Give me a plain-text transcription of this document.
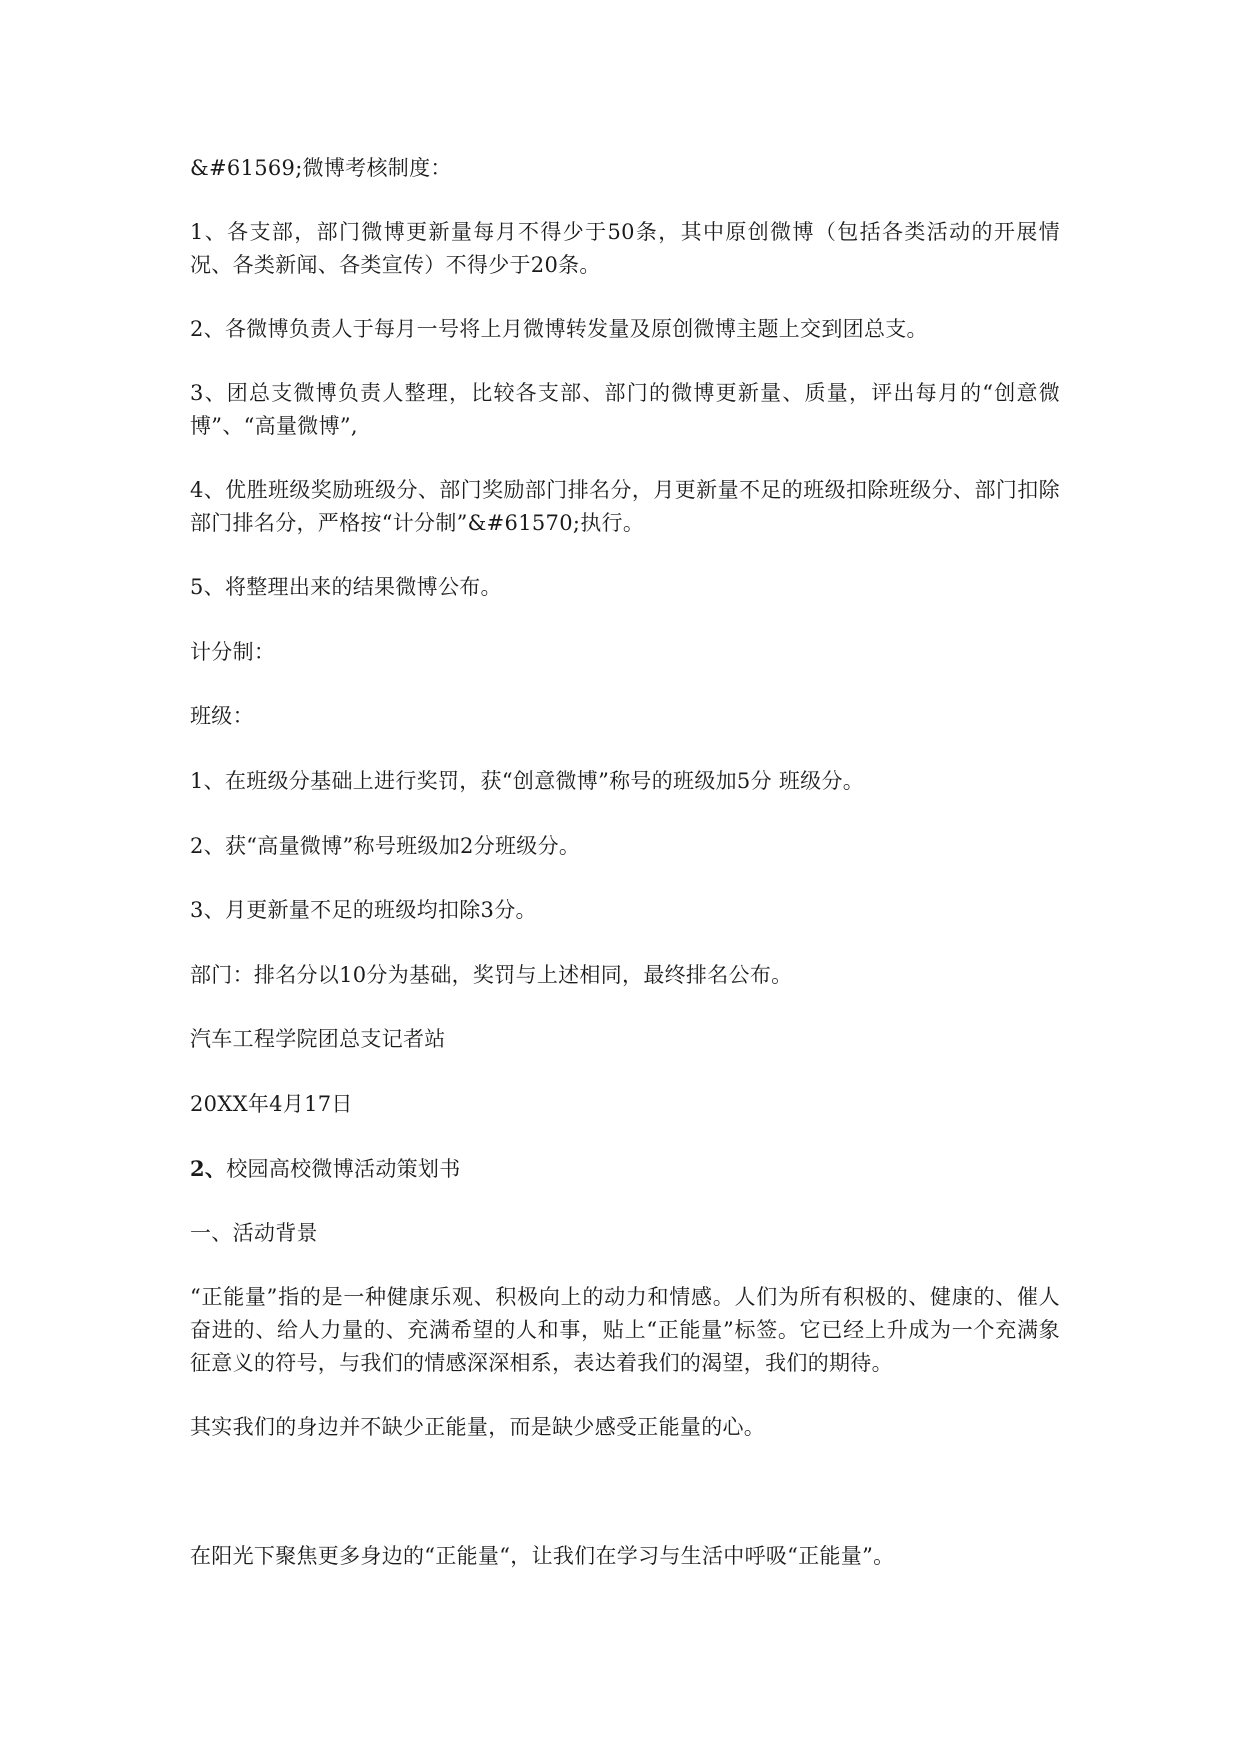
&#61569;微博考核制度：

1、各支部，部门微博更新量每月不得少于50条，其中原创微博（包括各类活动的开展情况、各类新闻、各类宣传）不得少于20条。

2、各微博负责人于每月一号将上月微博转发量及原创微博主题上交到团总支。

3、团总支微博负责人整理，比较各支部、部门的微博更新量、质量，评出每月的“创意微博”、“高量微博”,

4、优胜班级奖励班级分、部门奖励部门排名分，月更新量不足的班级扣除班级分、部门扣除部门排名分，严格按“计分制”&#61570;执行。

5、将整理出来的结果微博公布。

计分制：

班级：

1、在班级分基础上进行奖罚，获“创意微博”称号的班级加5分 班级分。

2、获“高量微博”称号班级加2分班级分。

3、月更新量不足的班级均扣除3分。

部门：排名分以10分为基础，奖罚与上述相同，最终排名公布。

汽车工程学院团总支记者站

20XX年4月17日

2、校园高校微博活动策划书

一、活动背景

“正能量”指的是一种健康乐观、积极向上的动力和情感。人们为所有积极的、健康的、催人奋进的、给人力量的、充满希望的人和事，贴上“正能量”标签。它已经上升成为一个充满象征意义的符号，与我们的情感深深相系，表达着我们的渴望，我们的期待。

其实我们的身边并不缺少正能量，而是缺少感受正能量的心。

在阳光下聚焦更多身边的“正能量“，让我们在学习与生活中呼吸“正能量”。
